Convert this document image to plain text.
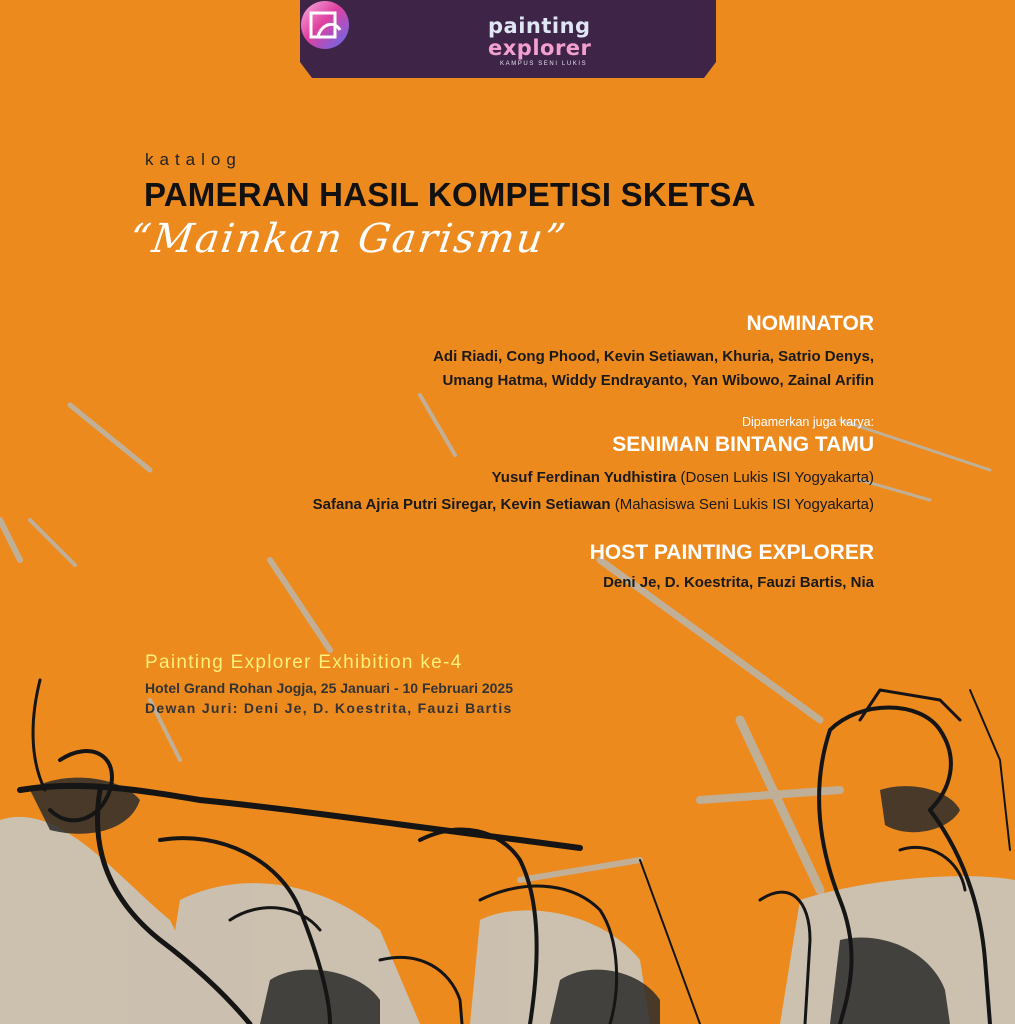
painting
explorer
KAMPUS SENI LUKIS
katalog
PAMERAN HASIL KOMPETISI SKETSA
“Mainkan Garismu”
NOMINATOR
Adi Riadi, Cong Phood, Kevin Setiawan, Khuria, Satrio Denys,
Umang Hatma, Widdy Endrayanto, Yan Wibowo, Zainal Arifin
Dipamerkan juga karya:
SENIMAN BINTANG TAMU
Yusuf Ferdinan Yudhistira (Dosen Lukis ISI Yogyakarta)
Safana Ajria Putri Siregar, Kevin Setiawan (Mahasiswa Seni Lukis ISI Yogyakarta)
HOST PAINTING EXPLORER
Deni Je, D. Koestrita, Fauzi Bartis, Nia
Painting Explorer Exhibition ke-4
Hotel Grand Rohan Jogja, 25 Januari - 10 Februari 2025
Dewan Juri: Deni Je, D. Koestrita, Fauzi Bartis
